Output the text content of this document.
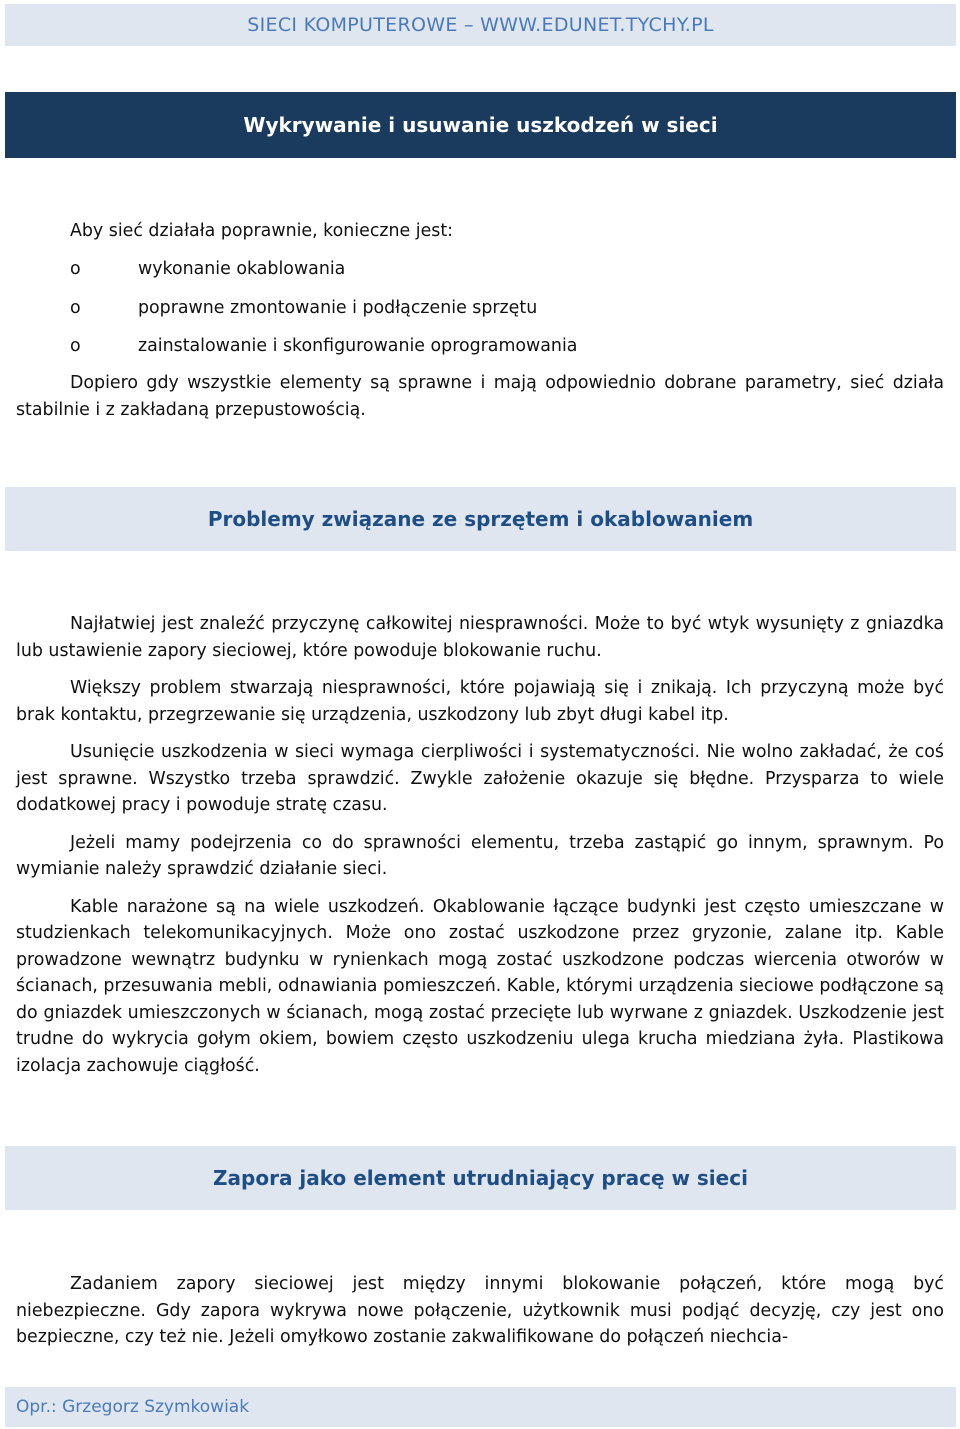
SIECI KOMPUTEROWE – WWW.EDUNET.TYCHY.PL
Wykrywanie i usuwanie uszkodzeń w sieci
Aby sieć działała poprawnie, konieczne jest:
o	wykonanie okablowania
o	poprawne zmontowanie i podłączenie sprzętu
o	zainstalowanie i skonfigurowanie oprogramowania

Dopiero gdy wszystkie elementy są sprawne i mają odpowiednio dobrane parametry, sieć działa stabilnie i z zakładaną przepustowością.

Problemy związane ze sprzętem i okablowaniem

Najłatwiej jest znaleźć przyczynę całkowitej niesprawności. Może to być wtyk wysunięty z gniazdka lub ustawienie zapory sieciowej, które powoduje blokowanie ruchu.

Większy problem stwarzają niesprawności, które pojawiają się i znikają. Ich przyczyną może być brak kontaktu, przegrzewanie się urządzenia, uszkodzony lub zbyt długi kabel itp.

Usunięcie uszkodzenia w sieci wymaga cierpliwości i systematyczności. Nie wolno zakładać, że coś jest sprawne. Wszystko trzeba sprawdzić. Zwykle założenie okazuje się błędne. Przysparza to wiele dodatkowej pracy i powoduje stratę czasu.

Jeżeli mamy podejrzenia co do sprawności elementu, trzeba zastąpić go innym, sprawnym. Po wymianie należy sprawdzić działanie sieci.

Kable narażone są na wiele uszkodzeń. Okablowanie łączące budynki jest często umieszczane w studzienkach telekomunikacyjnych. Może ono zostać uszkodzone przez gryzonie, zalane itp. Kable prowadzone wewnątrz budynku w rynienkach mogą zostać uszkodzone podczas wiercenia otworów w ścianach, przesuwania mebli, odnawiania pomieszczeń. Kable, którymi urządzenia sieciowe podłączone są do gniazdek umieszczonych w ścianach, mogą zostać przecięte lub wyrwane z gniazdek. Uszkodzenie jest trudne do wykrycia gołym okiem, bowiem często uszkodzeniu ulega krucha miedziana żyła. Plastikowa izolacja zachowuje ciągłość.

Zapora jako element utrudniający pracę w sieci

Zadaniem zapory sieciowej jest między innymi blokowanie połączeń, które mogą być niebezpieczne. Gdy zapora wykrywa nowe połączenie, użytkownik musi podjąć decyzję, czy jest ono bezpieczne, czy też nie. Jeżeli omyłkowo zostanie zakwalifikowane do połączeń niechcia-

Opr.: Grzegorz Szymkowiak
